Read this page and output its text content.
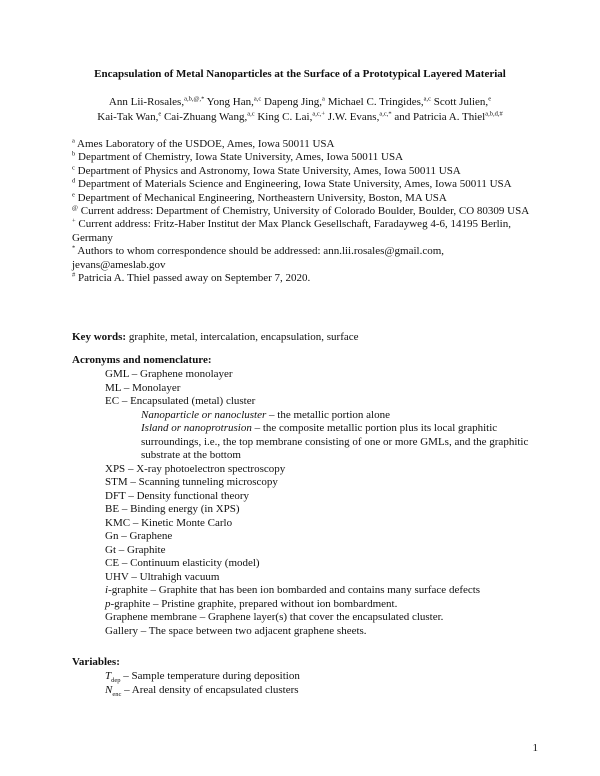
Encapsulation of Metal Nanoparticles at the Surface of a Prototypical Layered Material
Ann Lii-Rosales,$^{a,b,@,*}$ Yong Han,$^{a,c}$ Dapeng Jing,$^a$ Michael C. Tringides,$^{a,c}$ Scott Julien,$^e$
Kai-Tak Wan,$^e$ Cai-Zhuang Wang,$^{a,c}$ King C. Lai,$^{a,c,+}$ J.W. Evans,$^{a,c,*}$ and Patricia A. Thiel$^{a,b,d,\#}$
$^a$ Ames Laboratory of the USDOE, Ames, Iowa 50011 USA
$^b$ Department of Chemistry, Iowa State University, Ames, Iowa 50011 USA
$^c$ Department of Physics and Astronomy, Iowa State University, Ames, Iowa 50011 USA
$^d$ Department of Materials Science and Engineering, Iowa State University, Ames, Iowa 50011 USA
$^e$ Department of Mechanical Engineering, Northeastern University, Boston, MA USA
@ Current address: Department of Chemistry, University of Colorado Boulder, Boulder, CO 80309 USA
+ Current address: Fritz-Haber Institut der Max Planck Gesellschaft, Faradayweg 4-6, 14195 Berlin, Germany
* Authors to whom correspondence should be addressed: ann.lii.rosales@gmail.com, jevans@ameslab.gov
# Patricia A. Thiel passed away on September 7, 2020.
Key words: graphite, metal, intercalation, encapsulation, surface
Acronyms and nomenclature:
GML – Graphene monolayer
ML – Monolayer
EC – Encapsulated (metal) cluster
Nanoparticle or nanocluster – the metallic portion alone
Island or nanoprotrusion – the composite metallic portion plus its local graphitic surroundings, i.e., the top membrane consisting of one or more GMLs, and the graphitic substrate at the bottom
XPS – X-ray photoelectron spectroscopy
STM – Scanning tunneling microscopy
DFT – Density functional theory
BE – Binding energy (in XPS)
KMC – Kinetic Monte Carlo
Gn – Graphene
Gt – Graphite
CE – Continuum elasticity (model)
UHV – Ultrahigh vacuum
i-graphite – Graphite that has been ion bombarded and contains many surface defects
p-graphite – Pristine graphite, prepared without ion bombardment.
Graphene membrane – Graphene layer(s) that cover the encapsulated cluster.
Gallery – The space between two adjacent graphene sheets.
Variables:
$T_{dep}$ – Sample temperature during deposition
$N_{enc}$ – Areal density of encapsulated clusters
1
